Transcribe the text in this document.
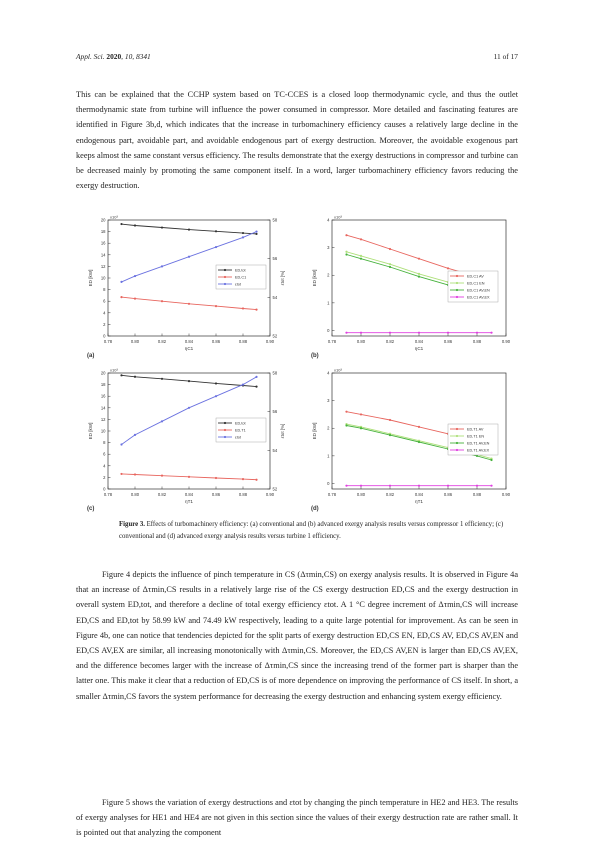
Appl. Sci. 2020, 10, 8341	11 of 17

This can be explained that the CCHP system based on TC-CCES is a closed loop thermodynamic cycle, and thus the outlet thermodynamic state from turbine will influence the power consumed in compressor. More detailed and fascinating features are identified in Figure 3b,d, which indicates that the increase in turbomachinery efficiency causes a relatively large decline in the endogenous part, avoidable part, and avoidable endogenous part of exergy destruction. Moreover, the avoidable exogenous part keeps almost the same constant versus efficiency. The results demonstrate that the exergy destructions in compressor and turbine can be decreased mainly by promoting the same component itself. In a word, larger turbomachinery efficiency favors reducing the exergy destruction.

0.78	0.80	0.82	0.84	0.86	0.88	0.90
0
2
4
6
8
10
12
14
16
18
20
52
54
56
58
εtot [%]
x10³
ηC1
ED [kW]
(a)
ED,tot
ED,C1
εtot
0.78	0.80	0.82	0.84	0.86	0.88	0.90
0
1
2
3
4
x10³
ηC1
ED [kW]
(b)
ED,C1 AV
ED,C1 EN
ED,C1 AV,EN
ED,C1 AV,EX
0.78	0.80	0.82	0.84	0.86	0.88	0.90
0
2
4
6
8
10
12
14
16
18
20
52
54
56
58
εtot [%]
x10³
ηT1
ED [kW]
(c)
ED,tot
ED,T1
εtot
0.78	0.80	0.82	0.84	0.86	0.88	0.90
0
1
2
3
4
x10³
ηT1
ED [kW]
(d)
ED,T1 AV
ED,T1 EN
ED,T1 AV,EN
ED,T1 AV,EX
Figure 3. Effects of turbomachinery efficiency: (a) conventional and (b) advanced exergy analysis results versus compressor 1 efficiency; (c) conventional and (d) advanced exergy analysis results versus turbine 1 efficiency.

Figure 4 depicts the influence of pinch temperature in CS (Δτmin,CS) on exergy analysis results. It is observed in Figure 4a that an increase of Δτmin,CS results in a relatively large rise of the CS exergy destruction ED,CS and the exergy destruction in overall system ED,tot, and therefore a decline of total exergy efficiency εtot. A 1 °C degree increment of Δτmin,CS will increase ED,CS and ED,tot by 58.99 kW and 74.49 kW respectively, leading to a quite large potential for improvement. As can be seen in Figure 4b, one can notice that tendencies depicted for the split parts of exergy destruction ED,CS EN, ED,CS AV, ED,CS AV,EN and ED,CS AV,EX are similar, all increasing monotonically with Δτmin,CS. Moreover, the ED,CS AV,EN is larger than ED,CS AV,EX, and the difference becomes larger with the increase of Δτmin,CS since the increasing trend of the former part is sharper than the latter one. This make it clear that a reduction of ED,CS is of more dependence on improving the performance of CS itself. In short, a smaller Δτmin,CS favors the system performance for decreasing the exergy destruction and enhancing system exergy efficiency.

Figure 5 shows the variation of exergy destructions and εtot by changing the pinch temperature in HE2 and HE3. The results of exergy analyses for HE1 and HE4 are not given in this section since the values of their exergy destruction rate are rather small. It is pointed out that analyzing the component
